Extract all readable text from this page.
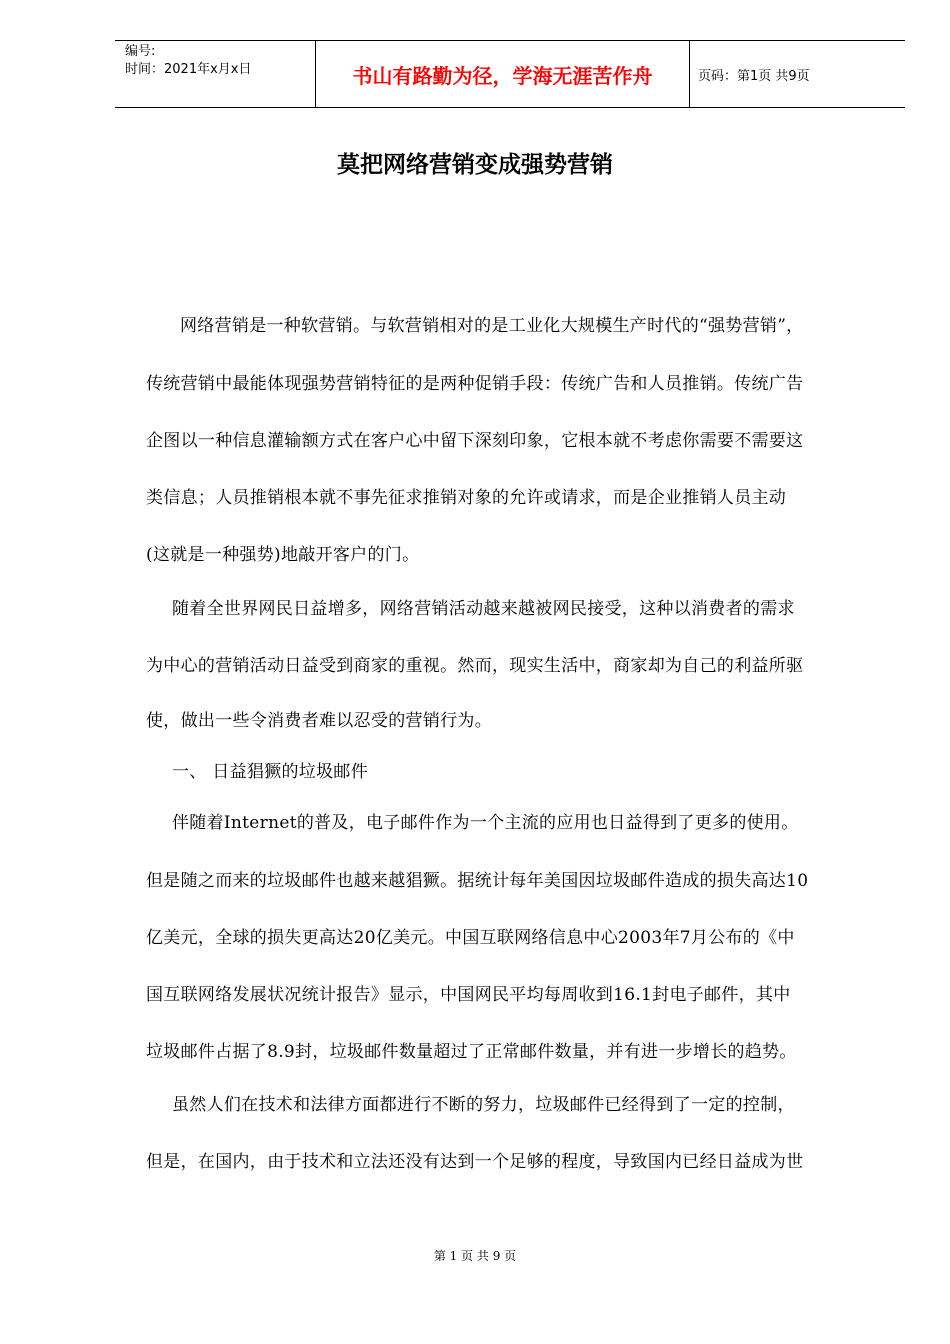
编号:
时间：2021年x月x日	书山有路勤为径，学海无涯苦作舟	页码：第1页 共9页
莫把网络营销变成强势营销
网络营销是一种软营销。与软营销相对的是工业化大规模生产时代的“强势营销”，
传统营销中最能体现强势营销特征的是两种促销手段：传统广告和人员推销。传统广告
企图以一种信息灌输额方式在客户心中留下深刻印象，它根本就不考虑你需要不需要这
类信息；人员推销根本就不事先征求推销对象的允许或请求，而是企业推销人员主动
(这就是一种强势)地敲开客户的门。
随着全世界网民日益增多，网络营销活动越来越被网民接受，这种以消费者的需求
为中心的营销活动日益受到商家的重视。然而，现实生活中，商家却为自己的利益所驱
使，做出一些令消费者难以忍受的营销行为。
一、 日益猖獗的垃圾邮件
伴随着Internet的普及，电子邮件作为一个主流的应用也日益得到了更多的使用。
但是随之而来的垃圾邮件也越来越猖獗。据统计每年美国因垃圾邮件造成的损失高达10
亿美元，全球的损失更高达20亿美元。中国互联网络信息中心2003年7月公布的《中
国互联网络发展状况统计报告》显示，中国网民平均每周收到16.1封电子邮件，其中
垃圾邮件占据了8.9封，垃圾邮件数量超过了正常邮件数量，并有进一步增长的趋势。
虽然人们在技术和法律方面都进行不断的努力，垃圾邮件已经得到了一定的控制，
但是，在国内，由于技术和立法还没有达到一个足够的程度，导致国内已经日益成为世
第 1 页 共 9 页
